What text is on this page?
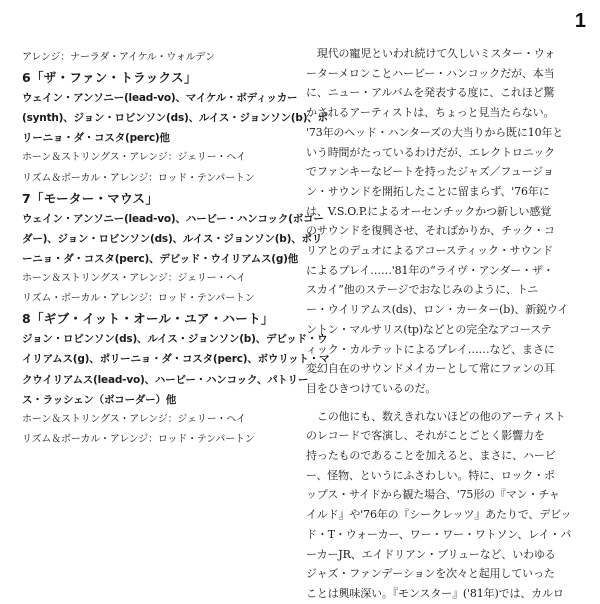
1
アレンジ：ナーラダ・アイケル・ウォルデン
6「ザ・ファン・トラックス」
ウェイン・アンソニー(lead-vo)、マイケル・ボディッカー
(synth)、ジョン・ロビンソン(ds)、ルイス・ジョンソン(b)、ポ
リーニョ・ダ・コスタ(perc)他
ホーン＆ストリングス・アレンジ：ジェリー・ヘイ
リズム＆ボーカル・アレンジ：ロッド・テンパートン
7「モーター・マウス」
ウェイン・アンソニー(lead-vo)、ハービー・ハンコック(ボコー
ダー)、ジョン・ロビンソン(ds)、ルイス・ジョンソン(b)、ポリ
ーニョ・ダ・コスタ(perc)、デビッド・ウイリアムス(g)他
ホーン＆ストリングス・アレンジ：ジェリー・ヘイ
リズム・ボーカル・アレンジ：ロッド・テンパートン
8「ギブ・イット・オール・ユア・ハート」
ジョン・ロビンソン(ds)、ルイス・ジョンソン(b)、デビッド・ウ
イリアムス(g)、ポリーニョ・ダ・コスタ(perc)、ボウリット・マ
クウイリアムス(lead-vo)、ハービー・ハンコック、パトリー
ス・ラッシェン（ボコーダー）他
ホーン＆ストリングス・アレンジ：ジェリー・ヘイ
リズム＆ボーカル・アレンジ：ロッド・テンパートン

　現代の寵児といわれ続けて久しいミスター・ウォ
ーターメロンことハービー・ハンコックだが、本当
に、ニュー・アルバムを発表する度に、これほど驚
かされるアーティストは、ちょっと見当たらない。
'73年のヘッド・ハンターズの大当りから既に10年と
いう時間がたっているわけだが、エレクトロニック
でファンキーなビートを持ったジャズ／フュージョ
ン・サウンドを開拓したことに留まらず、'76年に
は、V.S.O.P.によるオーセンチックかつ新しい感覚
のサウンドを復興させ、そればかりか、チック・コ
リアとのデュオによるアコースティック・サウンド
によるプレイ……'81年の“ライヴ・アンダー・ザ・
スカイ”他のステージでおなじみのように、トニ
ー・ウイリアムス(ds)、ロン・カーター(b)、新鋭ウイ
ントン・マルサリス(tp)などとの完全なアコーステ
ィック・カルテットによるプレイ……など、まさに
変幻自在のサウンドメイカーとして常にファンの耳
目をひきつけているのだ。

　この他にも、数えきれないほどの他のアーティスト
のレコードで客演し、それがことごとく影響力を
持ったものであることを加えると、まさに、ハービ
ー、怪物、というにふさわしい。特に、ロック・ポ
ップス・サイドから観た場合、'75形の『マン・チャ
イルド』や'76年の『シークレッツ』あたりで、デビッ
ド・T・ウォーカー、ワー・ワー・ワトソン、レイ・パ
ーカーJR、エイドリアン・ブリューなど、いわゆる
ジャズ・ファンデーションを次々と起用していった
ことは興味深い。『モンスター』('81年)では、カルロ
